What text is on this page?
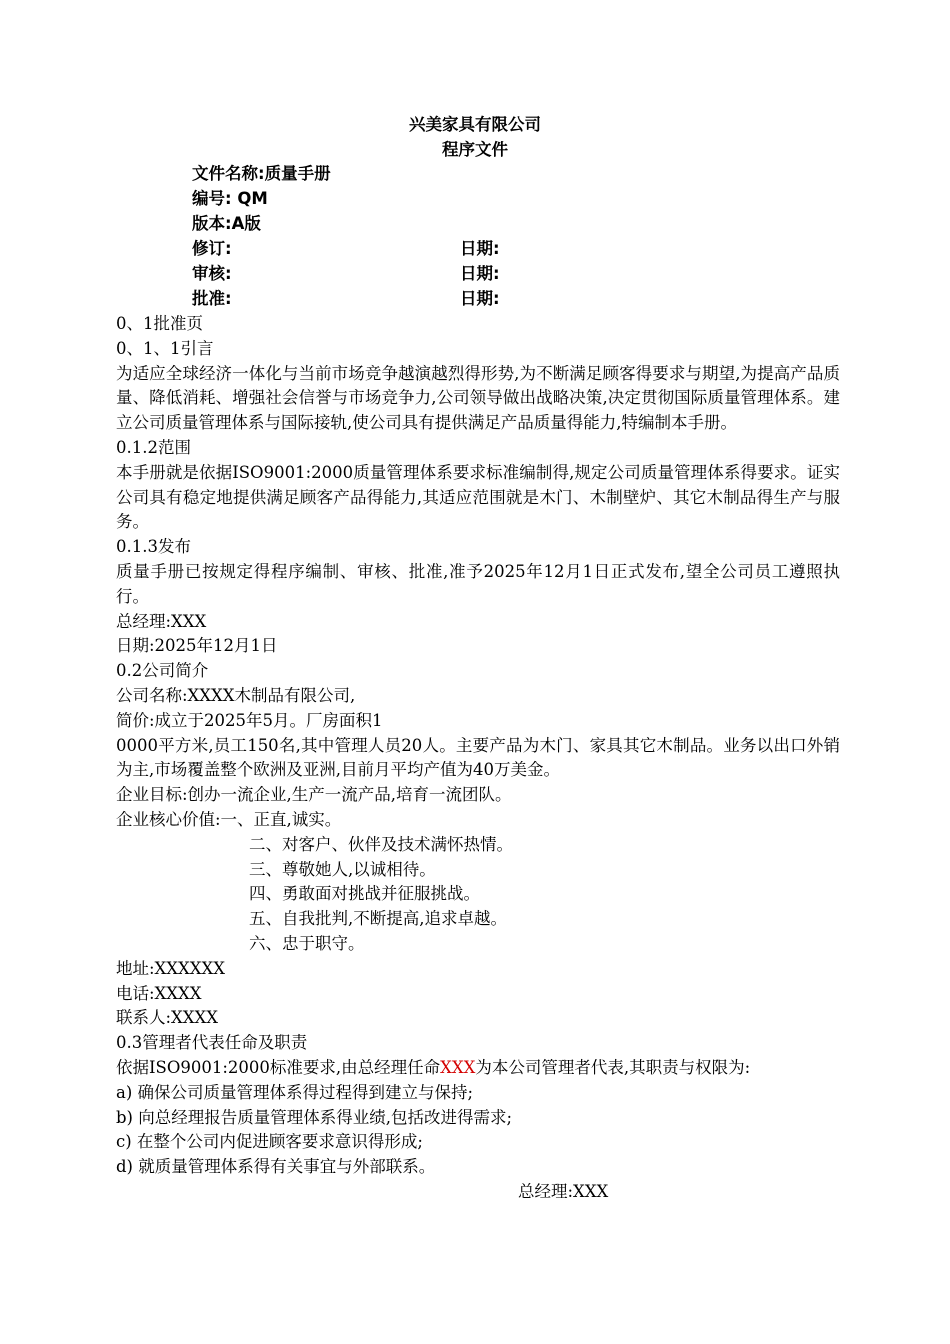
兴美家具有限公司
程序文件
文件名称:质量手册
编号: QM
版本:A版
修订:	日期:
审核:	日期:
批准:	日期:
0、1批准页
0、1、1引言
为适应全球经济一体化与当前市场竞争越演越烈得形势,为不断满足顾客得要求与期望,为提高产品质量、降低消耗、增强社会信誉与市场竞争力,公司领导做出战略决策,决定贯彻国际质量管理体系。建立公司质量管理体系与国际接轨,使公司具有提供满足产品质量得能力,特编制本手册。
0.1.2范围
本手册就是依据ISO9001:2000质量管理体系要求标准编制得,规定公司质量管理体系得要求。证实公司具有稳定地提供满足顾客产品得能力,其适应范围就是木门、木制壁炉、其它木制品得生产与服务。
0.1.3发布
质量手册已按规定得程序编制、审核、批准,准予2025年12月1日正式发布,望全公司员工遵照执行。
总经理:XXX
日期:2025年12月1日
0.2公司简介
公司名称:XXXX木制品有限公司,
简价:成立于2025年5月。厂房面积1
0000平方米,员工150名,其中管理人员20人。主要产品为木门、家具其它木制品。业务以出口外销为主,市场覆盖整个欧洲及亚洲,目前月平均产值为40万美金。
企业目标:创办一流企业,生产一流产品,培育一流团队。
企业核心价值:一、正直,诚实。
二、对客户、伙伴及技术满怀热情。
三、尊敬她人,以诚相待。
四、勇敢面对挑战并征服挑战。
五、自我批判,不断提高,追求卓越。
六、忠于职守。
地址:XXXXXX
电话:XXXX
联系人:XXXX
0.3管理者代表任命及职责
依据ISO9001:2000标准要求,由总经理任命XXX为本公司管理者代表,其职责与权限为:
a) 确保公司质量管理体系得过程得到建立与保持;
b) 向总经理报告质量管理体系得业绩,包括改进得需求;
c) 在整个公司内促进顾客要求意识得形成;
d) 就质量管理体系得有关事宜与外部联系。
总经理:XXX
